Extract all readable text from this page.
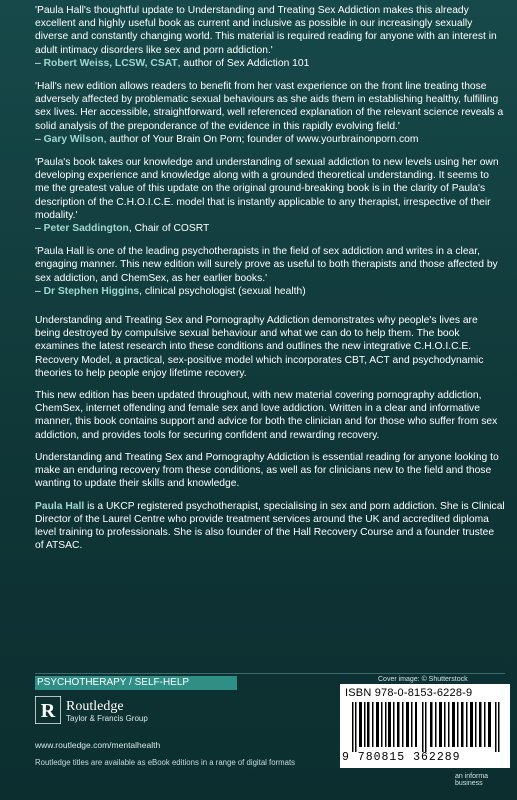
'Paula Hall's thoughtful update to Understanding and Treating Sex Addiction makes this already excellent and highly useful book as current and inclusive as possible in our increasingly sexually diverse and constantly changing world. This material is required reading for anyone with an interest in adult intimacy disorders like sex and porn addiction.'
– Robert Weiss, LCSW, CSAT, author of Sex Addiction 101

'Hall's new edition allows readers to benefit from her vast experience on the front line treating those adversely affected by problematic sexual behaviours as she aids them in establishing healthy, fulfilling sex lives. Her accessible, straightforward, well referenced explanation of the relevant science reveals a solid analysis of the preponderance of the evidence in this rapidly evolving field.'
– Gary Wilson, author of Your Brain On Porn; founder of www.yourbrainonporn.com

'Paula's book takes our knowledge and understanding of sexual addiction to new levels using her own developing experience and knowledge along with a grounded theoretical understanding. It seems to me the greatest value of this update on the original ground-breaking book is in the clarity of Paula's description of the C.H.O.I.C.E. model that is instantly applicable to any therapist, irrespective of their modality.'
– Peter Saddington, Chair of COSRT

'Paula Hall is one of the leading psychotherapists in the field of sex addiction and writes in a clear, engaging manner. This new edition will surely prove as useful to both therapists and those affected by sex addiction, and ChemSex, as her earlier books.'
– Dr Stephen Higgins, clinical psychologist (sexual health)

Understanding and Treating Sex and Pornography Addiction demonstrates why people's lives are being destroyed by compulsive sexual behaviour and what we can do to help them. The book examines the latest research into these conditions and outlines the new integrative C.H.O.I.C.E. Recovery Model, a practical, sex-positive model which incorporates CBT, ACT and psychodynamic theories to help people enjoy lifetime recovery.

This new edition has been updated throughout, with new material covering pornography addiction, ChemSex, internet offending and female sex and love addiction. Written in a clear and informative manner, this book contains support and advice for both the clinician and for those who suffer from sex addiction, and provides tools for securing confident and rewarding recovery.

Understanding and Treating Sex and Pornography Addiction is essential reading for anyone looking to make an enduring recovery from these conditions, as well as for clinicians new to the field and those wanting to update their skills and knowledge.

Paula Hall is a UKCP registered psychotherapist, specialising in sex and porn addiction. She is Clinical Director of the Laurel Centre who provide treatment services around the UK and accredited diploma level training to professionals. She is also founder of the Hall Recovery Course and a founder trustee of ATSAC.

PSYCHOTHERAPY / SELF-HELP	Cover image: © Shutterstock
R Routledge
Taylor & Francis Group
www.routledge.com/mentalhealth
Routledge titles are available as eBook editions in a range of digital formats
ISBN 978-0-8153-6228-9
9 780815 362289
an informa business
